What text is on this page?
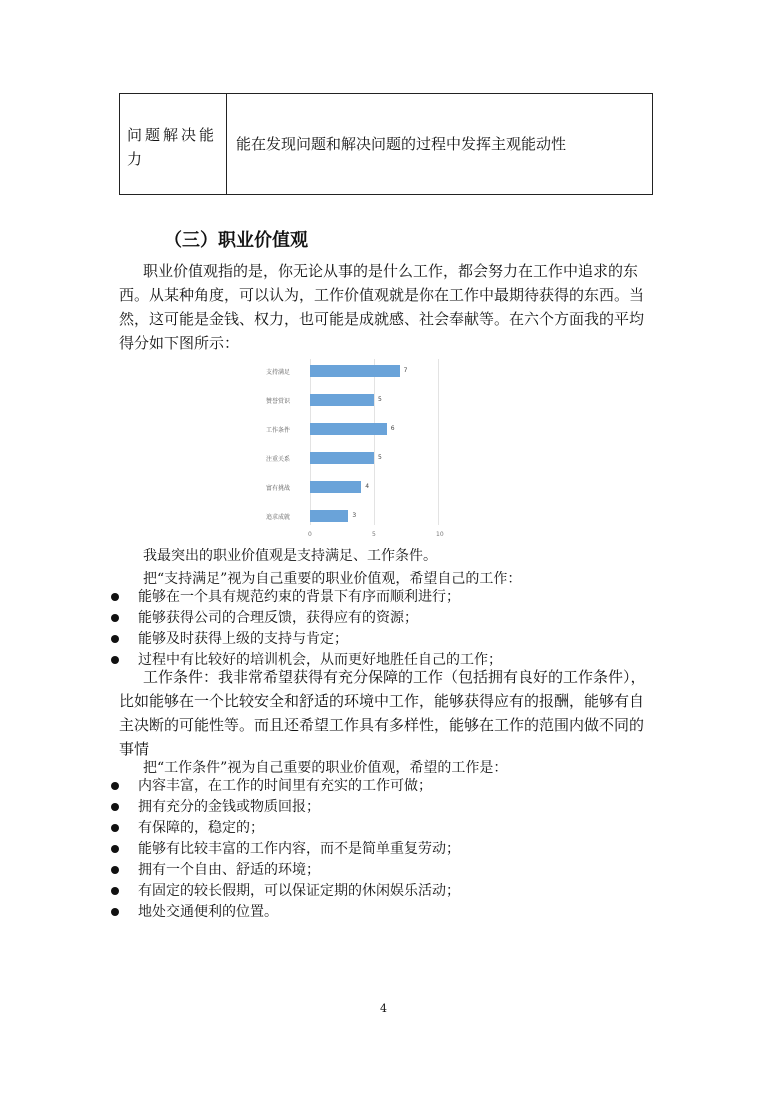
问题解决能力
能在发现问题和解决问题的过程中发挥主观能动性
（三）职业价值观
职业价值观指的是，你无论从事的是什么工作，都会努力在工作中追求的东
西。从某种角度，可以认为，工作价值观就是你在工作中最期待获得的东西。当
然，这可能是金钱、权力，也可能是成就感、社会奉献等。在六个方面我的平均
得分如下图所示：
0	5	10
支持满足	7
赞誉赏识	5
工作条件	6
注重关系	5
富有挑战	4
追求成就	3
我最突出的职业价值观是支持满足、工作条件。
把“支持满足”视为自己重要的职业价值观，希望自己的工作：
能够在一个具有规范约束的背景下有序而顺利进行；
能够获得公司的合理反馈，获得应有的资源；
能够及时获得上级的支持与肯定；
过程中有比较好的培训机会，从而更好地胜任自己的工作；
工作条件：我非常希望获得有充分保障的工作（包括拥有良好的工作条件），
比如能够在一个比较安全和舒适的环境中工作，能够获得应有的报酬，能够有自
主决断的可能性等。而且还希望工作具有多样性，能够在工作的范围内做不同的
事情
把“工作条件”视为自己重要的职业价值观，希望的工作是：
内容丰富，在工作的时间里有充实的工作可做；
拥有充分的金钱或物质回报；
有保障的，稳定的；
能够有比较丰富的工作内容，而不是简单重复劳动；
拥有一个自由、舒适的环境；
有固定的较长假期，可以保证定期的休闲娱乐活动；
地处交通便利的位置。
4
